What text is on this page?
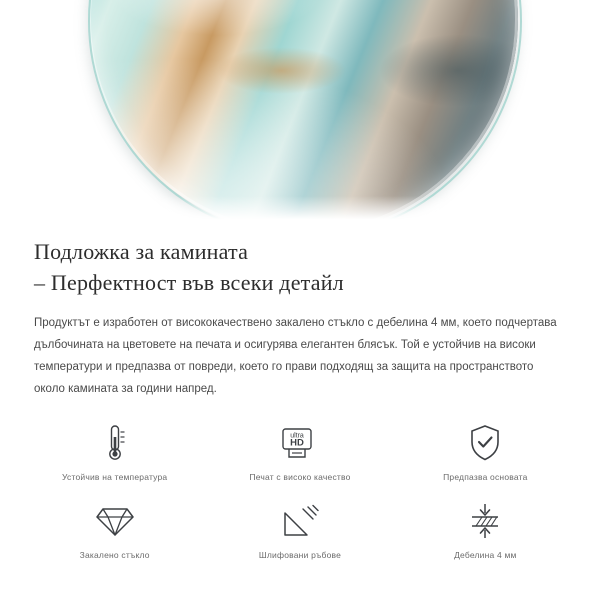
Подложка за камината
– Перфектност във всеки детайл

Продуктът е изработен от висококачествено закалено стъкло с дебелина 4 мм, което подчертава дълбочината на цветовете на печата и осигурява елегантен блясък. Той е устойчив на високи температури и предпазва от повреди, което го прави подходящ за защита на пространството около камината за години напред.

Устойчив на температура
ultra
HD
Печат с високо качество	Предпазва основата
Закалено стъкло	Шлифовани ръбове	Дебелина 4 мм
